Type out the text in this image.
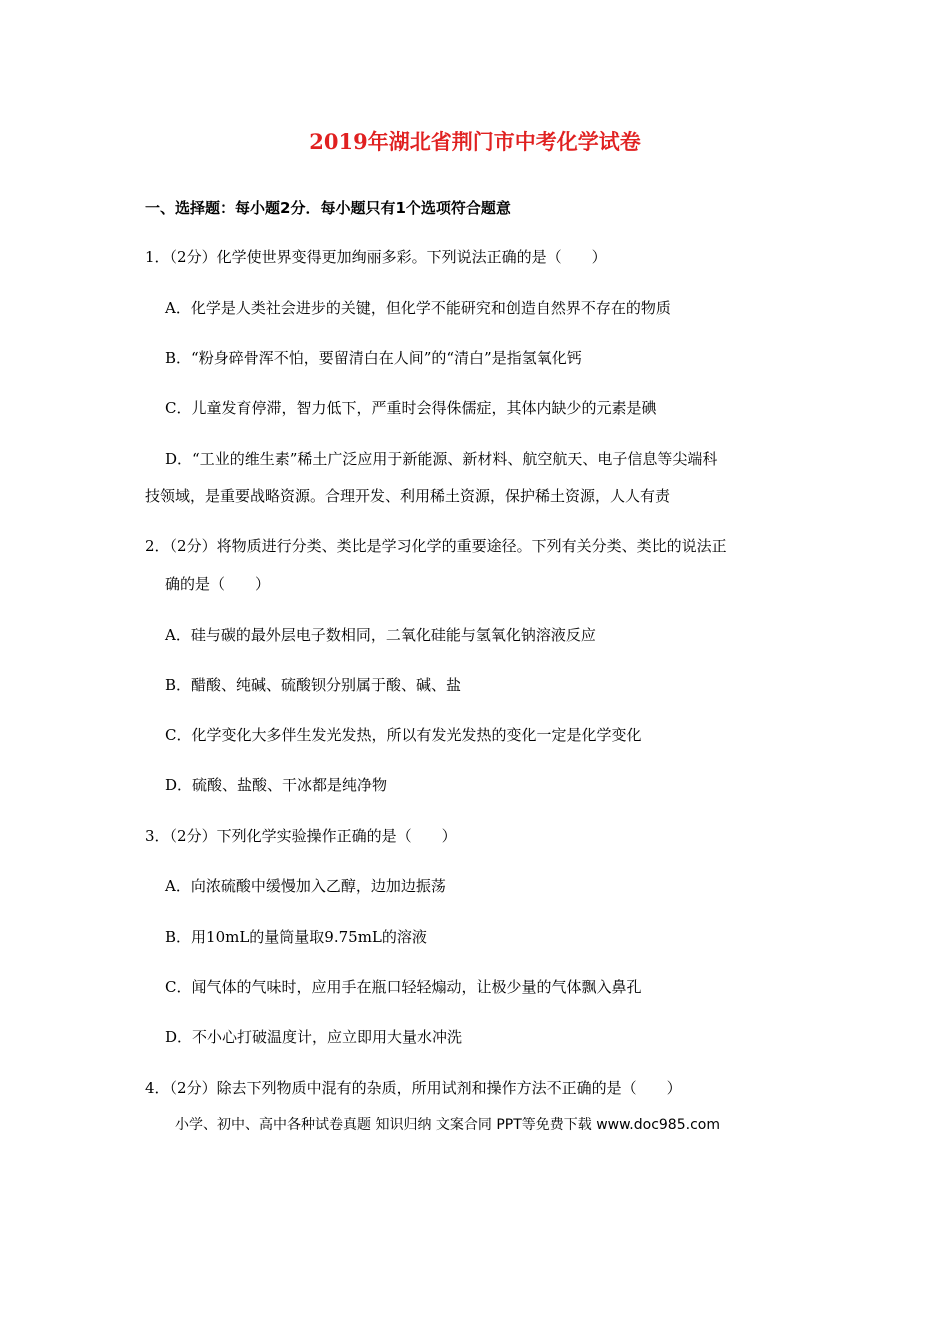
2019年湖北省荆门市中考化学试卷
一、选择题：每小题2分．每小题只有1个选项符合题意
1．（2分）化学使世界变得更加绚丽多彩。下列说法正确的是（　　）
A．化学是人类社会进步的关键，但化学不能研究和创造自然界不存在的物质
B．“粉身碎骨浑不怕，要留清白在人间”的“清白”是指氢氧化钙
C．儿童发育停滞，智力低下，严重时会得侏儒症，其体内缺少的元素是碘
D．“工业的维生素”稀土广泛应用于新能源、新材料、航空航天、电子信息等尖端科
技领域，是重要战略资源。合理开发、利用稀土资源，保护稀土资源，人人有责
2．（2分）将物质进行分类、类比是学习化学的重要途径。下列有关分类、类比的说法正
确的是（　　）
A．硅与碳的最外层电子数相同，二氧化硅能与氢氧化钠溶液反应
B．醋酸、纯碱、硫酸钡分别属于酸、碱、盐
C．化学变化大多伴生发光发热，所以有发光发热的变化一定是化学变化
D．硫酸、盐酸、干冰都是纯净物
3．（2分）下列化学实验操作正确的是（　　）
A．向浓硫酸中缓慢加入乙醇，边加边振荡
B．用10mL的量筒量取9.75mL的溶液
C．闻气体的气味时，应用手在瓶口轻轻煽动，让极少量的气体飘入鼻孔
D．不小心打破温度计，应立即用大量水冲洗
4．（2分）除去下列物质中混有的杂质，所用试剂和操作方法不正确的是（　　）
小学、初中、高中各种试卷真题 知识归纳 文案合同 PPT等免费下载 www.doc985.com
